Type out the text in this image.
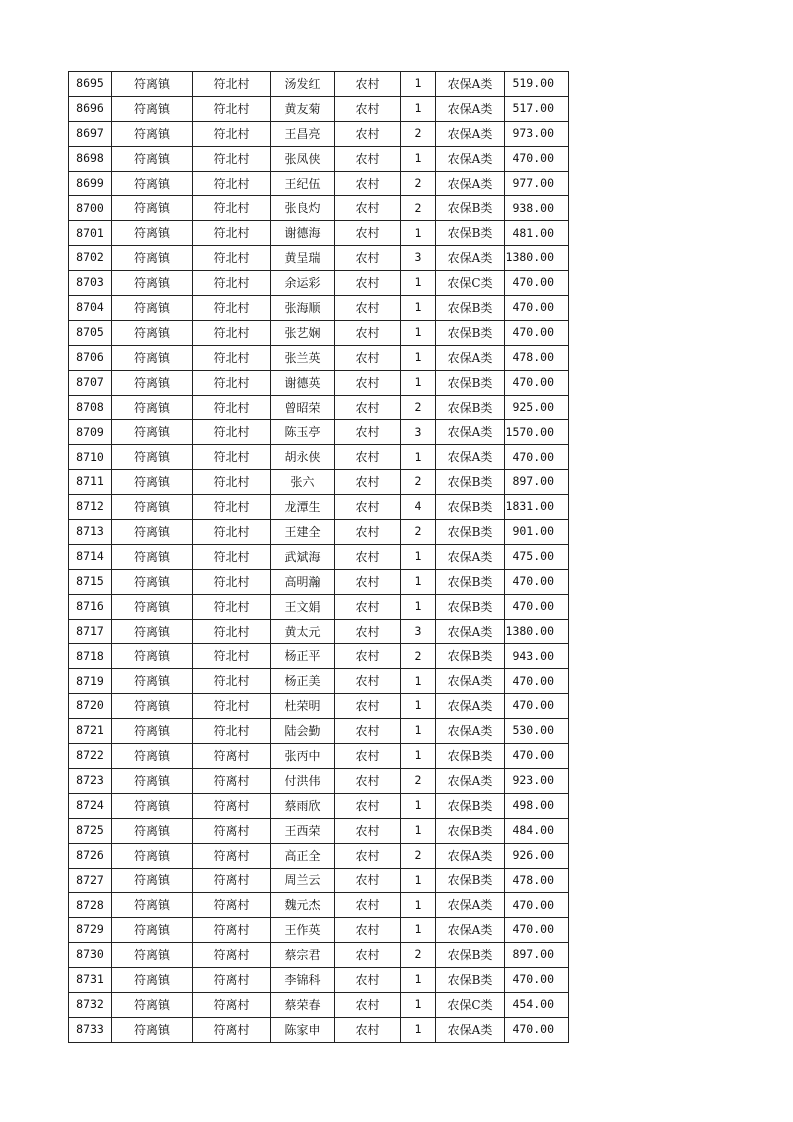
8695	符离镇	符北村	汤发红	农村	1	农保A类	519.00
8696	符离镇	符北村	黄友菊	农村	1	农保A类	517.00
8697	符离镇	符北村	王昌亮	农村	2	农保A类	973.00
8698	符离镇	符北村	张凤侠	农村	1	农保A类	470.00
8699	符离镇	符北村	王纪伍	农村	2	农保A类	977.00
8700	符离镇	符北村	张良灼	农村	2	农保B类	938.00
8701	符离镇	符北村	谢德海	农村	1	农保B类	481.00
8702	符离镇	符北村	黄呈瑞	农村	3	农保A类	1380.00
8703	符离镇	符北村	余运彩	农村	1	农保C类	470.00
8704	符离镇	符北村	张海顺	农村	1	农保B类	470.00
8705	符离镇	符北村	张艺娴	农村	1	农保B类	470.00
8706	符离镇	符北村	张兰英	农村	1	农保A类	478.00
8707	符离镇	符北村	谢德英	农村	1	农保B类	470.00
8708	符离镇	符北村	曾昭荣	农村	2	农保B类	925.00
8709	符离镇	符北村	陈玉亭	农村	3	农保A类	1570.00
8710	符离镇	符北村	胡永侠	农村	1	农保A类	470.00
8711	符离镇	符北村	张六	农村	2	农保B类	897.00
8712	符离镇	符北村	龙潭生	农村	4	农保B类	1831.00
8713	符离镇	符北村	王建全	农村	2	农保B类	901.00
8714	符离镇	符北村	武斌海	农村	1	农保A类	475.00
8715	符离镇	符北村	高明瀚	农村	1	农保B类	470.00
8716	符离镇	符北村	王文娟	农村	1	农保B类	470.00
8717	符离镇	符北村	黄太元	农村	3	农保A类	1380.00
8718	符离镇	符北村	杨正平	农村	2	农保B类	943.00
8719	符离镇	符北村	杨正美	农村	1	农保A类	470.00
8720	符离镇	符北村	杜荣明	农村	1	农保A类	470.00
8721	符离镇	符北村	陆会勤	农村	1	农保A类	530.00
8722	符离镇	符离村	张丙中	农村	1	农保B类	470.00
8723	符离镇	符离村	付洪伟	农村	2	农保A类	923.00
8724	符离镇	符离村	蔡雨欣	农村	1	农保B类	498.00
8725	符离镇	符离村	王西荣	农村	1	农保B类	484.00
8726	符离镇	符离村	高正全	农村	2	农保A类	926.00
8727	符离镇	符离村	周兰云	农村	1	农保B类	478.00
8728	符离镇	符离村	魏元杰	农村	1	农保A类	470.00
8729	符离镇	符离村	王作英	农村	1	农保A类	470.00
8730	符离镇	符离村	蔡宗君	农村	2	农保B类	897.00
8731	符离镇	符离村	李锦科	农村	1	农保B类	470.00
8732	符离镇	符离村	蔡荣春	农村	1	农保C类	454.00
8733	符离镇	符离村	陈家申	农村	1	农保A类	470.00
